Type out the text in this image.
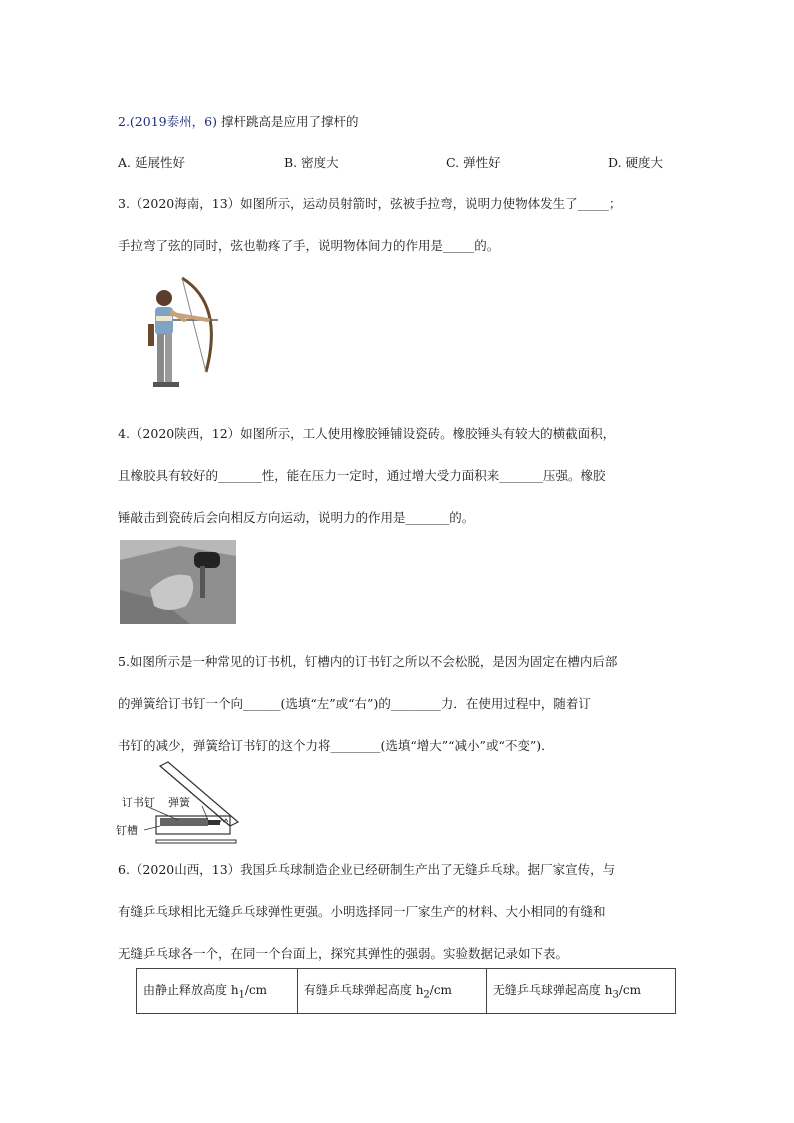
2.(2019泰州，6) 撑杆跳高是应用了撑杆的
A. 延展性好	B. 密度大	C. 弹性好	D. 硬度大
3.（2020海南，13）如图所示，运动员射箭时，弦被手拉弯，说明力使物体发生了_____；
手拉弯了弦的同时，弦也勒疼了手，说明物体间力的作用是_____的。
4.（2020陕西，12）如图所示，工人使用橡胶锤铺设瓷砖。橡胶锤头有较大的横截面积，
且橡胶具有较好的_______性，能在压力一定时，通过增大受力面积来_______压强。橡胶
锤敲击到瓷砖后会向相反方向运动，说明力的作用是_______的。
5.如图所示是一种常见的订书机，钉槽内的订书钉之所以不会松脱，是因为固定在槽内后部
的弹簧给订书钉一个向______(选填“左”或“右”)的________力．在使用过程中，随着订
书钉的减少，弹簧给订书钉的这个力将________(选填“增大”“减小”或“不变”)．
订书钉 弹簧
钉槽
6.（2020山西，13）我国乒乓球制造企业已经研制生产出了无缝乒乓球。据厂家宣传，与
有缝乒乓球相比无缝乒乓球弹性更强。小明选择同一厂家生产的材料、大小相同的有缝和
无缝乒乓球各一个，在同一个台面上，探究其弹性的强弱。实验数据记录如下表。
由静止释放高度 $h_1/cm$	有缝乒乓球弹起高度 $h_2/cm$	无缝乒乓球弹起高度 $h_3/cm$
